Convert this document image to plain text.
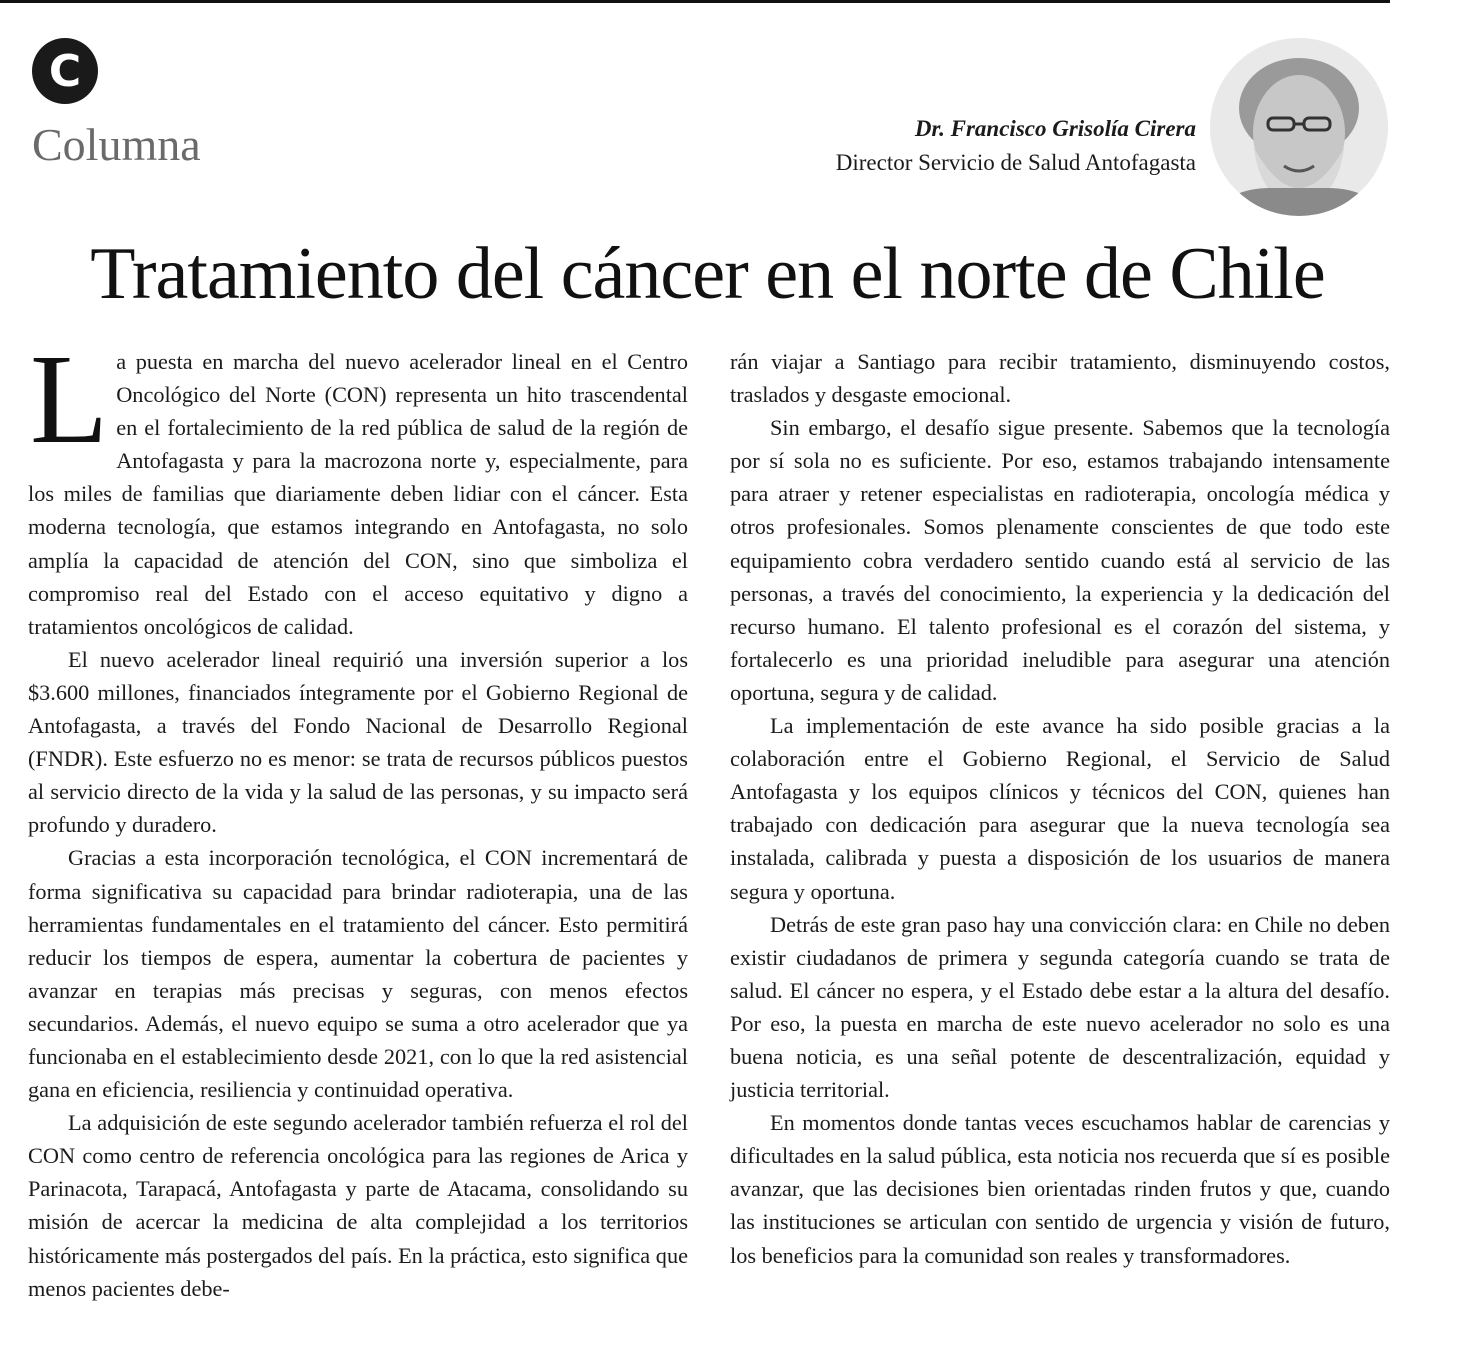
C
Columna	Dr. Francisco Grisolía Cirera
Director Servicio de Salud Antofagasta
Tratamiento del cáncer en el norte de Chile

La puesta en marcha del nuevo acelerador lineal en el Centro Oncológico del Norte (CON) representa un hito trascendental en el fortalecimiento de la red pública de salud de la región de Antofagasta y para la macrozona norte y, especialmente, para los miles de familias que diariamente deben lidiar con el cáncer. Esta moderna tecnología, que estamos integrando en Antofagasta, no solo amplía la capacidad de atención del CON, sino que simboliza el compromiso real del Estado con el acceso equitativo y digno a tratamientos oncológicos de calidad.

El nuevo acelerador lineal requirió una inversión superior a los $3.600 millones, financiados íntegramente por el Gobierno Regional de Antofagasta, a través del Fondo Nacional de Desarrollo Regional (FNDR). Este esfuerzo no es menor: se trata de recursos públicos puestos al servicio directo de la vida y la salud de las personas, y su impacto será profundo y duradero.

Gracias a esta incorporación tecnológica, el CON incrementará de forma significativa su capacidad para brindar radioterapia, una de las herramientas fundamentales en el tratamiento del cáncer. Esto permitirá reducir los tiempos de espera, aumentar la cobertura de pacientes y avanzar en terapias más precisas y seguras, con menos efectos secundarios. Además, el nuevo equipo se suma a otro acelerador que ya funcionaba en el establecimiento desde 2021, con lo que la red asistencial gana en eficiencia, resiliencia y continuidad operativa.

La adquisición de este segundo acelerador también refuerza el rol del CON como centro de referencia oncológica para las regiones de Arica y Parinacota, Tarapacá, Antofagasta y parte de Atacama, consolidando su misión de acercar la medicina de alta complejidad a los territorios históricamente más postergados del país. En la práctica, esto significa que menos pacientes debe-

rán viajar a Santiago para recibir tratamiento, disminuyendo costos, traslados y desgaste emocional.

Sin embargo, el desafío sigue presente. Sabemos que la tecnología por sí sola no es suficiente. Por eso, estamos trabajando intensamente para atraer y retener especialistas en radioterapia, oncología médica y otros profesionales. Somos plenamente conscientes de que todo este equipamiento cobra verdadero sentido cuando está al servicio de las personas, a través del conocimiento, la experiencia y la dedicación del recurso humano. El talento profesional es el corazón del sistema, y fortalecerlo es una prioridad ineludible para asegurar una atención oportuna, segura y de calidad.

La implementación de este avance ha sido posible gracias a la colaboración entre el Gobierno Regional, el Servicio de Salud Antofagasta y los equipos clínicos y técnicos del CON, quienes han trabajado con dedicación para asegurar que la nueva tecnología sea instalada, calibrada y puesta a disposición de los usuarios de manera segura y oportuna.

Detrás de este gran paso hay una convicción clara: en Chile no deben existir ciudadanos de primera y segunda categoría cuando se trata de salud. El cáncer no espera, y el Estado debe estar a la altura del desafío. Por eso, la puesta en marcha de este nuevo acelerador no solo es una buena noticia, es una señal potente de descentralización, equidad y justicia territorial.

En momentos donde tantas veces escuchamos hablar de carencias y dificultades en la salud pública, esta noticia nos recuerda que sí es posible avanzar, que las decisiones bien orientadas rinden frutos y que, cuando las instituciones se articulan con sentido de urgencia y visión de futuro, los beneficios para la comunidad son reales y transformadores.
